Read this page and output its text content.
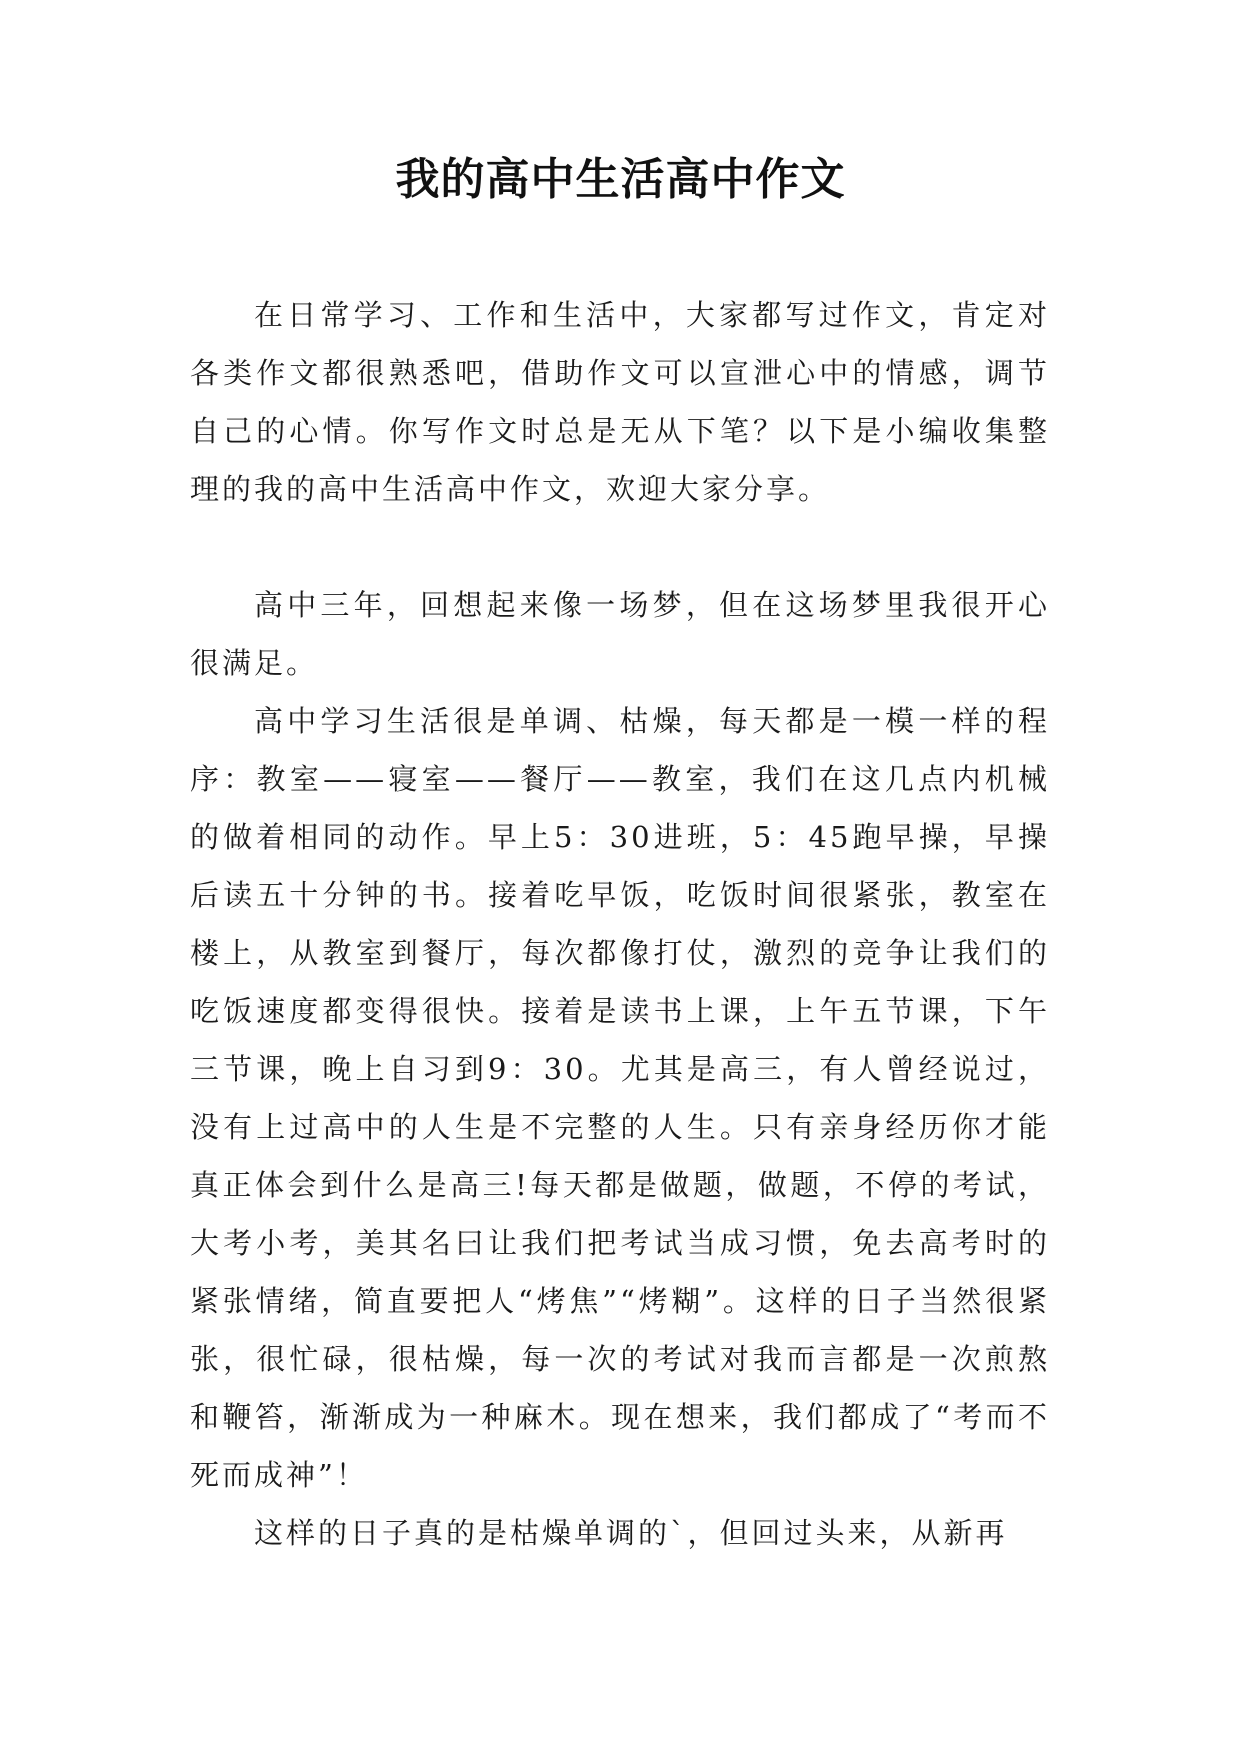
我的高中生活高中作文

在日常学习、工作和生活中，大家都写过作文，肯定对各类作文都很熟悉吧，借助作文可以宣泄心中的情感，调节自己的心情。你写作文时总是无从下笔？以下是小编收集整理的我的高中生活高中作文，欢迎大家分享。

高中三年，回想起来像一场梦，但在这场梦里我很开心很满足。

高中学习生活很是单调、枯燥，每天都是一模一样的程序：教室——寝室——餐厅——教室，我们在这几点内机械的做着相同的动作。早上5：30进班，5：45跑早操，早操后读五十分钟的书。接着吃早饭，吃饭时间很紧张，教室在楼上，从教室到餐厅，每次都像打仗，激烈的竞争让我们的吃饭速度都变得很快。接着是读书上课，上午五节课，下午三节课，晚上自习到9：30。尤其是高三，有人曾经说过，没有上过高中的人生是不完整的人生。只有亲身经历你才能真正体会到什么是高三!每天都是做题，做题，不停的考试，大考小考，美其名曰让我们把考试当成习惯，免去高考时的紧张情绪，简直要把人“烤焦”“烤糊”。这样的日子当然很紧张，很忙碌，很枯燥，每一次的考试对我而言都是一次煎熬和鞭笞，渐渐成为一种麻木。现在想来，我们都成了“考而不死而成神”！

这样的日子真的是枯燥单调的`，但回过头来，从新再
